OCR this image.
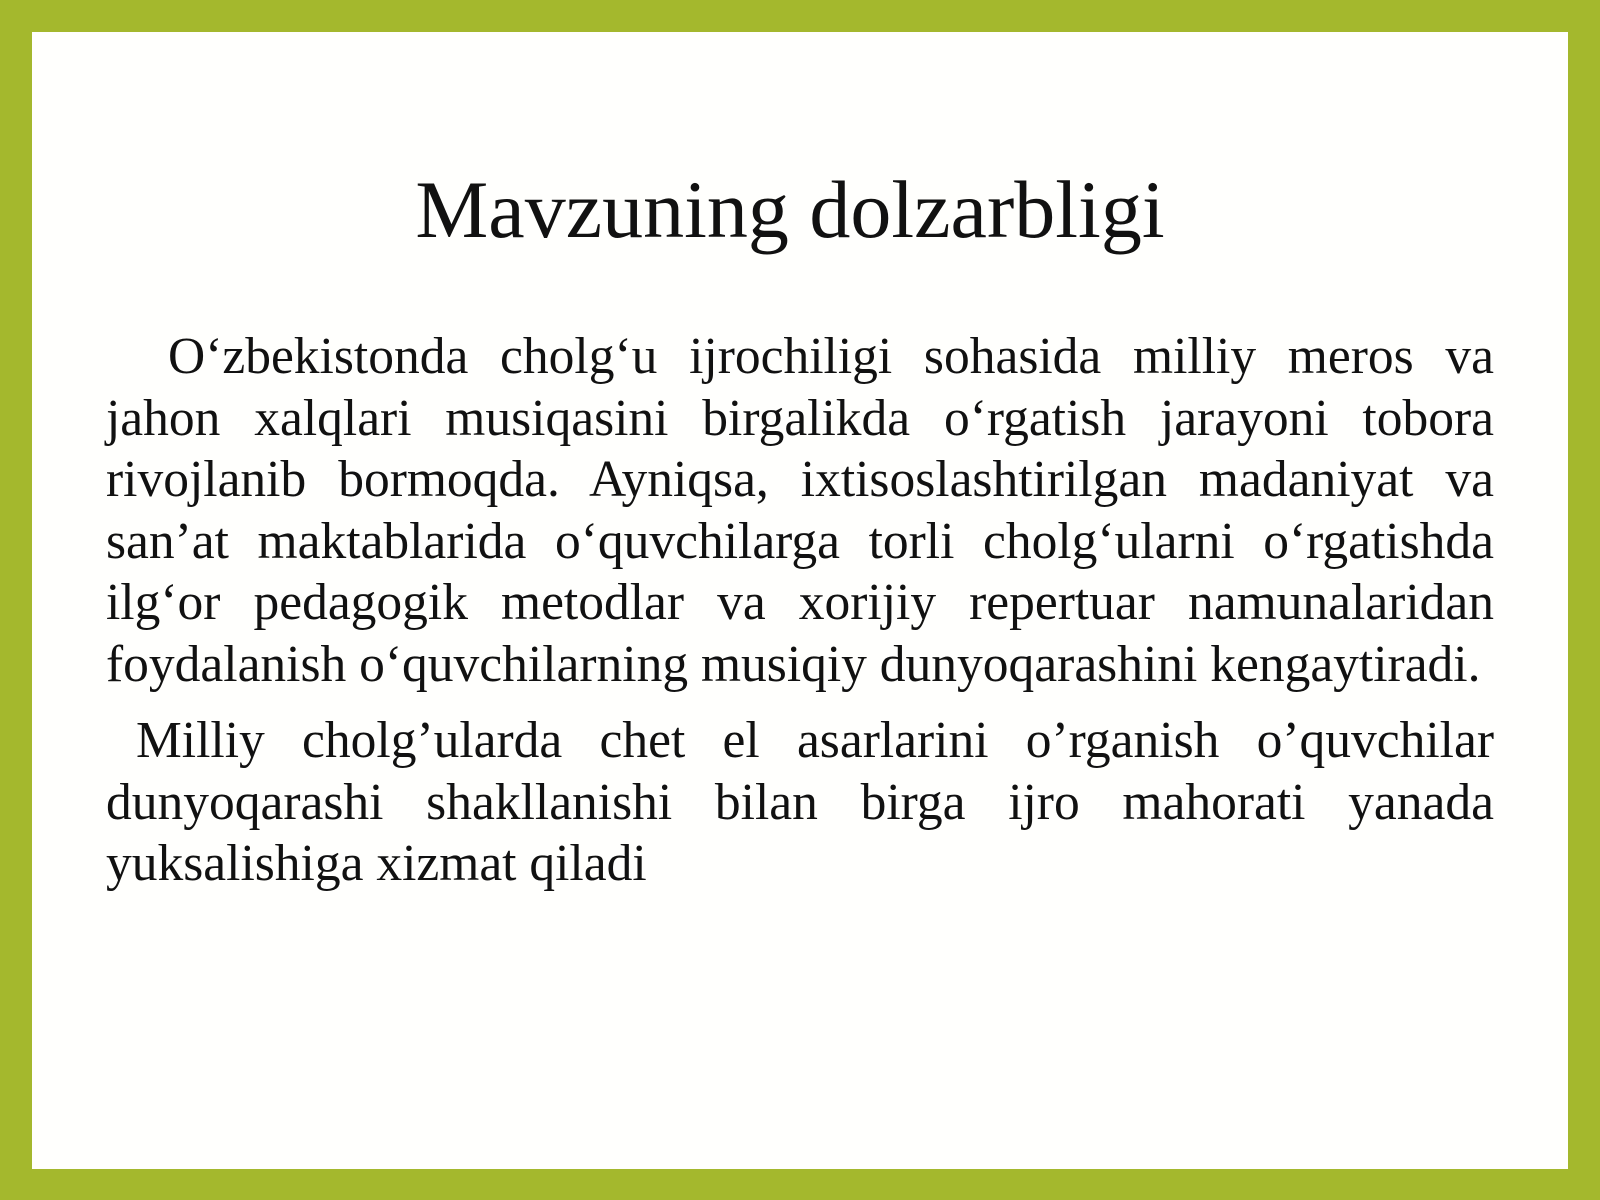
Mavzuning dolzarbligi

O‘zbekistonda cholg‘u ijrochiligi sohasida milliy meros va jahon xalqlari musiqasini birgalikda o‘rgatish jarayoni tobora rivojlanib bormoqda. Ayniqsa, ixtisoslashtirilgan madaniyat va san’at maktablarida o‘quvchilarga torli cholg‘ularni o‘rgatishda ilg‘or pedagogik metodlar va xorijiy repertuar namunalaridan foydalanish o‘quvchilarning musiqiy dunyoqarashini kengaytiradi.

Milliy cholg’ularda chet el asarlarini o’rganish o’quvchilar dunyoqarashi shakllanishi bilan birga ijro mahorati yanada yuksalishiga xizmat qiladi
